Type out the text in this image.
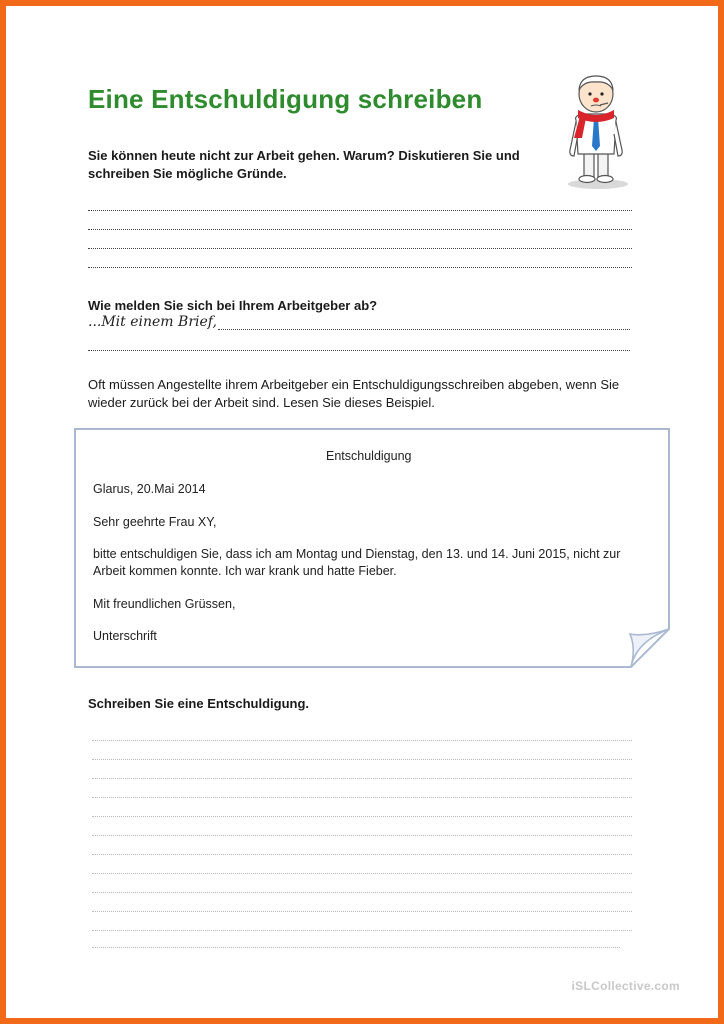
Eine Entschuldigung schreiben
Sie können heute nicht zur Arbeit gehen. Warum? Diskutieren Sie und
schreiben Sie mögliche Gründe.
Wie melden Sie sich bei Ihrem Arbeitgeber ab?
...Mit einem Brief,
Oft müssen Angestellte ihrem Arbeitgeber ein Entschuldigungsschreiben abgeben, wenn Sie
wieder zurück bei der Arbeit sind. Lesen Sie dieses Beispiel.
Entschuldigung
Glarus, 20.Mai 2014
Sehr geehrte Frau XY,
bitte entschuldigen Sie, dass ich am Montag und Dienstag, den 13. und 14. Juni 2015, nicht zur
Arbeit kommen konnte. Ich war krank und hatte Fieber.
Mit freundlichen Grüssen,
Unterschrift
Schreiben Sie eine Entschuldigung.
iSLCollective.com
